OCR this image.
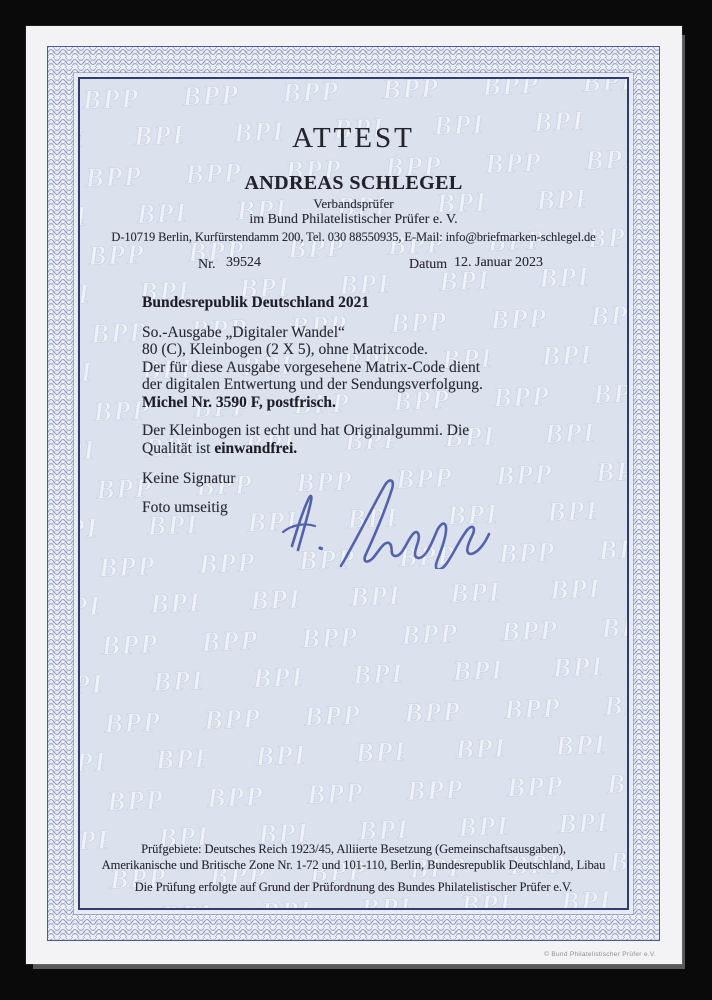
ATTEST
ANDREAS SCHLEGEL
Verbandsprüfer
im Bund Philatelistischer Prüfer e. V.
D-10719 Berlin, Kurfürstendamm 200, Tel. 030 88550935, E-Mail: info@briefmarken-schlegel.de
Nr. 39524	Datum 12. Januar 2023
Bundesrepublik Deutschland 2021
So.-Ausgabe „Digitaler Wandel“
80 (C), Kleinbogen (2 X 5), ohne Matrixcode.
Der für diese Ausgabe vorgesehene Matrix-Code dient
der digitalen Entwertung und der Sendungsverfolgung.
Michel Nr. 3590 F, postfrisch.
Der Kleinbogen ist echt und hat Originalgummi. Die
Qualität ist einwandfrei.
Keine Signatur
Foto umseitig
Prüfgebiete: Deutsches Reich 1923/45, Alliierte Besetzung (Gemeinschaftsausgaben),
Amerikanische und Britische Zone Nr. 1-72 und 101-110, Berlin, Bundesrepublik Deutschland, Libau
Die Prüfung erfolgte auf Grund der Prüfordnung des Bundes Philatelistischer Prüfer e.V.
© Bund Philatelistischer Prüfer e.V.
